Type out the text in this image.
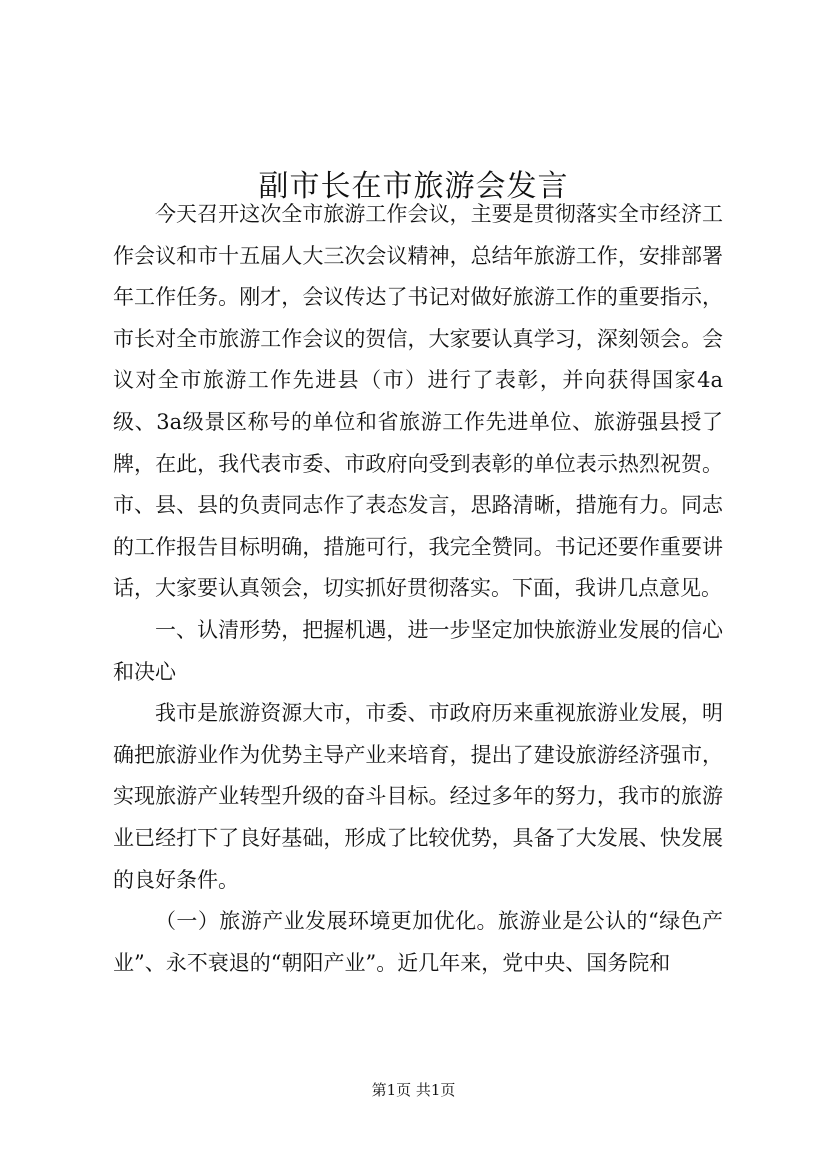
副市长在市旅游会发言

今天召开这次全市旅游工作会议，主要是贯彻落实全市经济工作会议和市十五届人大三次会议精神，总结年旅游工作，安排部署年工作任务。刚才，会议传达了书记对做好旅游工作的重要指示，市长对全市旅游工作会议的贺信，大家要认真学习，深刻领会。会议对全市旅游工作先进县（市）进行了表彰，并向获得国家4a级、3a级景区称号的单位和省旅游工作先进单位、旅游强县授了牌，在此，我代表市委、市政府向受到表彰的单位表示热烈祝贺。市、县、县的负责同志作了表态发言，思路清晰，措施有力。同志的工作报告目标明确，措施可行，我完全赞同。书记还要作重要讲话，大家要认真领会，切实抓好贯彻落实。下面，我讲几点意见。

一、认清形势，把握机遇，进一步坚定加快旅游业发展的信心和决心

我市是旅游资源大市，市委、市政府历来重视旅游业发展，明确把旅游业作为优势主导产业来培育，提出了建设旅游经济强市，实现旅游产业转型升级的奋斗目标。经过多年的努力，我市的旅游业已经打下了良好基础，形成了比较优势，具备了大发展、快发展的良好条件。

（一）旅游产业发展环境更加优化。旅游业是公认的“绿色产业”、永不衰退的“朝阳产业”。近几年来，党中央、国务院和

第1页 共1页
